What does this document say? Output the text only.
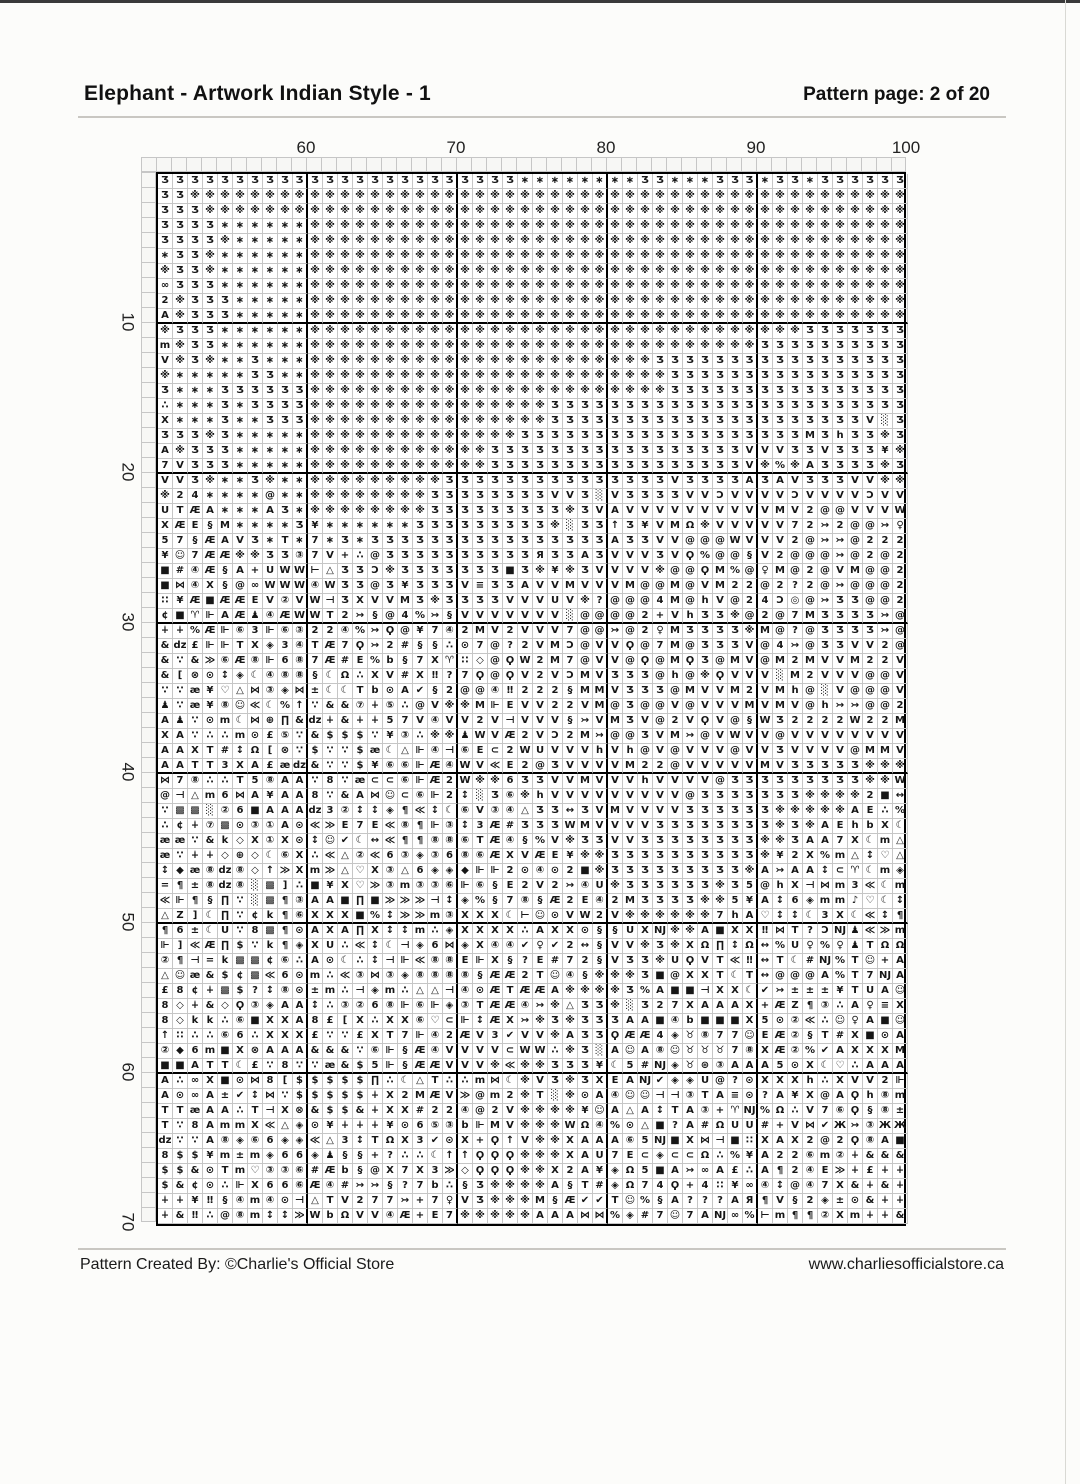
Elephant - Artwork Indian Style - 1	Pattern page: 2 of 20
60	70	80	90	100
10
20
30
40
50
60
70
Ʒ Ʒ Ʒ Ʒ Ʒ Ʒ Ʒ Ʒ Ʒ Ʒ Ʒ Ʒ Ʒ Ʒ Ʒ Ʒ Ʒ Ʒ Ʒ Ʒ Ʒ Ʒ Ʒ Ʒ ∗ ∗ ∗ ∗ ∗ ∗ ∗ ∗ Ʒ Ʒ ∗ ∗ ∗ Ʒ Ʒ Ʒ ∗ Ʒ Ʒ ∗ Ʒ Ʒ Ʒ Ʒ Ʒ Ʒ
Ʒ Ʒ ※ ※ ※ ※ ※ ※ ※ ※ ※ ※ ※ ※ ※ ※ ※ ※ ※ ※ ※ ※ ※ ※ ※ ※ ※ ※ ※ ※ ※ ※ ※ ※ ※ ※ ※ ※ ※ ※ ※ ※ ※ ※ ※ ※ ※ ※ ※ ※
Ʒ Ʒ Ʒ ※ ※ ※ ※ ※ ※ ※ ※ ※ ※ ※ ※ ※ ※ ※ ※ ※ ※ ※ ※ ※ ※ ※ ※ ※ ※ ※ ※ ※ ※ ※ ※ ※ ※ ※ ※ ※ ※ ※ ※ ※ ※ ※ ※ ※ ※ ※
Ʒ Ʒ Ʒ Ʒ ∗ ∗ ∗ ∗ ∗ ∗ ※ ※ ※ ※ ※ ※ ※ ※ ※ ※ ※ ※ ※ ※ ※ ※ ※ ※ ※ ※ ※ ※ ※ ※ ※ ※ ※ ※ ※ ※ ※ ※ ※ ※ ※ ※ ※ ※ ※ ※
Ʒ Ʒ Ʒ Ʒ ※ ∗ ∗ ∗ ∗ ∗ ※ ※ ※ ※ ※ ※ ※ ※ ※ ※ ※ ※ ※ ※ ※ ※ ※ ※ ※ ※ ※ ※ ※ ※ ※ ※ ※ ※ ※ ※ ※ ※ ※ ※ ※ ※ ※ ※ ※ ※
∗ Ʒ Ʒ ※ ∗ ∗ ∗ ∗ ∗ ∗ ※ ※ ※ ※ ※ ※ ※ ※ ※ ※ ※ ※ ※ ※ ※ ※ ※ ※ ※ ※ ※ ※ ※ ※ ※ ※ ※ ※ ※ ※ ※ ※ ※ ※ ※ ※ ※ ※ ※ ※
※ Ʒ Ʒ ※ ∗ ∗ ∗ ∗ ∗ ∗ ※ ※ ※ ※ ※ ※ ※ ※ ※ ※ ※ ※ ※ ※ ※ ※ ※ ※ ※ ※ ※ ※ ※ ※ ※ ※ ※ ※ ※ ※ ※ ※ ※ ※ ※ ※ ※ ※ ※ ※
∞ Ʒ Ʒ Ʒ ∗ ∗ ∗ ∗ ∗ ∗ ※ ※ ※ ※ ※ ※ ※ ※ ※ ※ ※ ※ ※ ※ ※ ※ ※ ※ ※ ※ ※ ※ ※ ※ ※ ※ ※ ※ ※ ※ ※ ※ ※ ※ ※ ※ ※ ※ ※ ※
2 ※ Ʒ Ʒ Ʒ ∗ ∗ ∗ ∗ ∗ ※ ※ ※ ※ ※ ※ ※ ※ ※ ※ ※ ※ ※ ※ ※ ※ ※ ※ ※ ※ ※ ※ ※ ※ ※ ※ ※ ※ ※ ※ ※ ※ ※ ※ ※ ※ ※ ※ ※ ※
A ※ Ʒ Ʒ Ʒ ∗ ∗ ∗ ∗ ∗ ※ ※ ※ ※ ※ ※ ※ ※ ※ ※ ※ ※ ※ ※ ※ ※ ※ ※ ※ ※ ※ ※ ※ ※ ※ ※ ※ ※ ※ ※ ※ ※ ※ ※ ※ ※ ※ ※ ※ ※
※ Ʒ Ʒ Ʒ ∗ ∗ ∗ ∗ ∗ ∗ ※ ※ ※ ※ ※ ※ ※ ※ ※ ※ ※ ※ ※ ※ ※ ※ ※ ※ ※ ※ ※ ※ ※ ※ ※ ※ ※ ※ ※ ※ ※ ※ ※ Ʒ Ʒ Ʒ Ʒ Ʒ Ʒ Ʒ
m ※ Ʒ Ʒ ∗ ∗ ∗ ∗ ∗ ∗ ※ ※ ※ ※ ※ ※ ※ ※ ※ ※ ※ ※ ※ ※ ※ ※ ※ ※ ※ ※ ※ ※ ※ ※ ※ ※ ※ ※ ※ ※ Ʒ Ʒ Ʒ Ʒ Ʒ Ʒ Ʒ Ʒ Ʒ Ʒ
V ※ Ʒ ※ ∗ ∗ Ʒ ∗ ∗ ∗ ※ ※ ※ ※ ※ ※ ※ ※ ※ ※ ※ ※ ※ ※ ※ ※ ※ ※ ※ ※ ※ ※ ※ Ʒ Ʒ Ʒ Ʒ Ʒ Ʒ Ʒ Ʒ Ʒ Ʒ Ʒ Ʒ Ʒ Ʒ Ʒ Ʒ Ʒ
※ ∗ ∗ ∗ ∗ ∗ Ʒ Ʒ ∗ ∗ ※ ※ ※ ※ ※ ※ ※ ※ ※ ※ ※ ※ ※ ※ ※ ※ ※ ※ ※ ※ ※ ※ ※ ※ Ʒ Ʒ Ʒ Ʒ Ʒ Ʒ Ʒ Ʒ Ʒ Ʒ Ʒ Ʒ Ʒ Ʒ Ʒ Ʒ
Ʒ ∗ ∗ ∗ Ʒ Ʒ Ʒ Ʒ Ʒ Ʒ ※ ※ ※ ※ ※ ※ ※ ※ ※ ※ ※ ※ ※ ※ ※ ※ ※ ※ ※ ※ ※ ※ ※ ※ Ʒ Ʒ Ʒ Ʒ Ʒ Ʒ Ʒ Ʒ Ʒ Ʒ Ʒ Ʒ Ʒ Ʒ Ʒ Ʒ
∴ ∗ ∗ ∗ Ʒ ∗ Ʒ Ʒ Ʒ Ʒ ※ ※ ※ ※ ※ ※ ※ ※ ※ ※ ※ ※ ※ ※ ※ ※ Ʒ Ʒ Ʒ Ʒ Ʒ Ʒ Ʒ Ʒ Ʒ Ʒ Ʒ Ʒ Ʒ Ʒ Ʒ Ʒ Ʒ Ʒ Ʒ Ʒ Ʒ Ʒ Ʒ Ʒ
X ∗ ∗ ∗ Ʒ ∗ ∗ Ʒ Ʒ Ʒ ※ ※ ※ ※ ※ ※ ※ ※ ※ ※ ※ ※ ※ ※ ※ ※ Ʒ Ʒ Ʒ Ʒ Ʒ Ʒ Ʒ Ʒ Ʒ Ʒ Ʒ Ʒ Ʒ Ʒ Ʒ Ʒ Ʒ Ʒ Ʒ Ʒ Ʒ V ░ Ʒ
Ʒ Ʒ Ʒ ※ Ʒ ∗ ∗ ∗ ∗ ∗ ※ ※ ※ ※ ※ ※ ※ ※ ※ ※ ※ ※ ※ ※ Ʒ Ʒ Ʒ Ʒ Ʒ Ʒ Ʒ Ʒ Ʒ Ʒ Ʒ Ʒ Ʒ Ʒ Ʒ Ʒ Ʒ Ʒ Ʒ M Ʒ h Ʒ Ʒ ※ Ʒ
A ※ Ʒ Ʒ Ʒ ∗ ∗ ∗ ∗ ∗ ※ ※ ※ ※ ※ ※ ※ ※ ※ ※ ※ ※ Ʒ Ʒ Ʒ Ʒ Ʒ Ʒ Ʒ Ʒ Ʒ Ʒ Ʒ Ʒ Ʒ Ʒ Ʒ Ʒ Ʒ V V V Ʒ Ʒ V Ʒ Ʒ Ʒ ¥ ※
7 V Ʒ Ʒ Ʒ ∗ ∗ ∗ ∗ ∗ ※ ※ ※ ※ ※ ※ ※ ※ ※ ※ ※ ※ Ʒ Ʒ Ʒ Ʒ Ʒ Ʒ Ʒ Ʒ Ʒ Ʒ Ʒ Ʒ Ʒ Ʒ Ʒ Ʒ Ʒ V ※ % ※ A Ʒ Ʒ Ʒ Ʒ ※ Ʒ
V V Ʒ ※ ∗ ∗ Ʒ ※ ∗ ∗ ※ ※ ※ ※ ※ ※ ※ ※ ※ Ʒ Ʒ Ʒ Ʒ Ʒ Ʒ Ʒ Ʒ Ʒ Ʒ Ʒ Ʒ Ʒ Ʒ Ʒ V Ʒ Ʒ Ʒ Ʒ A Ʒ A V Ʒ Ʒ Ʒ V V ※ ※
※ 2 4 ∗ ∗ ∗ ∗ @ ∗ ∗ ※ ※ ※ ※ ※ ※ ※ ※ Ʒ Ʒ Ʒ Ʒ Ʒ Ʒ Ʒ Ʒ V V Ʒ ░ V Ʒ Ʒ Ʒ Ʒ V V Ɔ V V V V Ɔ V V V V Ɔ V V
U T Æ A ∗ ∗ ∗ A Ʒ ∗ ※ ※ ※ ※ ※ ※ ※ ※ Ʒ Ʒ Ʒ Ʒ Ʒ Ʒ Ʒ Ʒ Ʒ ※ Ʒ V A V V V V V V V V V V M V 2 @ @ V V V W
X Æ E § M ∗ ∗ ∗ ∗ Ʒ ¥ ∗ ∗ ∗ ∗ ∗ ∗ Ʒ Ʒ Ʒ Ʒ Ʒ Ʒ Ʒ Ʒ Ʒ ※ ░ Ʒ Ʒ ↑ Ʒ ¥ V M Ω ※ V V V V V 7 2 ↣ 2 @ @ ↣ ♀
5 7 § Æ A V Ʒ ∗ T ∗ 7 ∗ Ʒ ∗ Ʒ Ʒ Ʒ Ʒ Ʒ Ʒ Ʒ Ʒ Ʒ Ʒ Ʒ Ʒ Ʒ Ʒ Ʒ Ʒ A Ʒ Ʒ V V @ @ @ W V V V 2 @ ↣ ↣ @ 2 2 2
¥ ☺ 7 Æ Æ ※ ※ Ʒ Ʒ ③ 7 V + ∴ @ Ʒ Ʒ Ʒ Ʒ Ʒ Ʒ Ʒ Ʒ Ʒ Ʒ Я Ʒ Ʒ A Ʒ V V V Ʒ V Ϙ % @ @ § V 2 @ @ @ ↣ @ 2 @ 2
■ # ④ Æ § A + U W W ⊢ △ Ʒ Ʒ Ɔ ※ Ʒ Ʒ Ʒ Ʒ Ʒ Ʒ Ʒ ■ Ʒ ※ ¥ ※ Ʒ V V V V ※ @ @ Ϙ M % @ ♀ M @ 2 @ V M @ @ 2
■ ⋈ ④ X § @ ∞ W W W ④ W Ʒ Ʒ @ Ʒ ¥ Ʒ Ʒ Ʒ V ≡ Ʒ Ʒ A V V M V V V M @ @ M @ V M 2 2 @ 2 ? 2 @ ↣ @ @ @ 2
∷ ¥ Æ ■ Æ Æ E V ② V W ⊣ Ʒ X V V M Ʒ ※ Ʒ Ʒ Ʒ Ʒ V V V U V ※ ? @ @ @ 4 M @ h V @ 2 4 Ɔ ◎ @ ↣ Ʒ Ʒ @ @ 2
¢ ■ ♈ ⊩ A Æ ♟ ④ Æ W W T 2 ↣ § @ 4 % ↣ § V V V V V V V ░ @ @ @ @ 2 + V h Ʒ Ʒ ※ @ 2 @ 7 M Ʒ Ʒ Ʒ Ʒ ↣ @
∔ ∔ % Æ ⊩ ⑥ 3 ⊩ ⑥ ③ 2 2 ④ % ↣ Ϙ @ ¥ 7 ④ 2 M V 2 V V V 7 @ @ ↣ @ 2 ♀ M Ʒ Ʒ Ʒ Ʒ ※ M @ ? @ Ʒ Ʒ Ʒ Ʒ ↣ @
& ǳ £ ⊩ ⊩ T X ◈ 3 ④ T Æ 7 Ϙ ↣ 2 # §	§ ∴ ⊙ 7 @ ? 2 V M Ɔ @ V V Ϙ @ 7 M @ Ʒ Ʒ Ʒ V @ 4 ↣ @ Ʒ Ʒ V V 2 @
& ∵ & ≫ ⑥ Æ ⑧ ⊩ 6 ⑧ 7 Æ # E % b § 7 X ♈ ∷ ◇ @ Ϙ W 2 M 7 @ V V @ Ϙ @ M Ϙ Ʒ @ M V @ M 2 M V V M 2 2 V
& [ ⊗ ⊙ ↕ ◈ ☾ ④ ⑧ ⑧ § ☾ Ω ∴ X V # X ‼ ? 7 Ϙ @ Ϙ V 2 V Ɔ M V Ʒ Ʒ Ʒ @ h @ ※ Ϙ V V V ░ M 2 V V V @ @ V
∵ ∵ æ ¥ ♡ △ ⋈ ③ ◈ ⋈ ± ☾ ☾ T b ⊙ A ✔ § 2 @ @ ④ ‼ 2 2 2 § M M V Ʒ Ʒ Ʒ @ M V V M 2 V M h @ ░ V @ @ @ V
♟ ∵ æ ¥ ⑧ ☺ ≪ ☾ % ↑ ∵ & & ⑦ ∔ ⑤ ∴ @ V ※ ※ M ⊩ E V V 2 2 V M @ Ʒ @ @ V @ V V V M V M V @ h ↣ ↣ @ @ 2
A ♟ ∵ ⊙ m ☾ ⋈ ⊕ ∏ & ǳ ∔ & ∔ ∔ 5 7 V ④ V V 2 V ⊣ V V V § ↣ V M Ʒ V @ 2 V Ϙ V @ § W Ʒ 2 2 2 2 W 2 2 M
X A ∵ ∴ ∴ m ⊙ £ ⑤ ∵ & $ $ $ ∵ ¥ ③ ∴ ※ ※ ♟ W V Æ 2 V Ɔ 2 M ↣ @ @ Ʒ V M ↣ @ V W V V @ V V V V V V V V
A A X T # ↕ Ω [ ⊗ ∵ $ ∵ ∵ $ æ ☾ △ ⊩ ④ ⊣ ⑥ E ⊂ 2 W U V V V h V h @ V @ V V V @ V V Ʒ V V V V @ M M V
A A T T 3 X A £ æ ǳ & ∵ ∵ $ ¥ ⑥ ⑥ ⊩ Æ ④ W V ≪ E 2 @ Ʒ V V V V M 2 2 @ V V V V V M V Ʒ Ʒ Ʒ Ʒ Ʒ ※ ※ ※
⋈ 7 ⑧ ∴ ∴ T 5 ⑧ A A ∵ 8 ∵ æ ⊂ ⊂ ⑥ ⊩ Æ 2 W ※ ※ 6 Ʒ Ʒ V V M V V V h V V V V @ Ʒ Ʒ Ʒ Ʒ Ʒ Ʒ Ʒ Ʒ Ʒ ※ ※ W
@ ⊣ △ m 6 ⋈ A ¥ A A 8 ∵ & A ⋈ ☺ ⊂ ⑥ ⊩ 2 ↕ ░ Ʒ ⑥ ※ h V V V V V V V V V @ Ʒ Ʒ Ʒ Ʒ Ʒ Ʒ Ʒ ※ ※ ※ ※ 2 ■ ↔
∵ ▩ ▩ ░ ② 6 ■ A A A ǳ 3 ② ↕ ↕ ◈ ¶ ≪ ↕ ☾ ⑥ V ③ ④ △ Ʒ Ʒ ↔ Ʒ V M V V V V Ʒ Ʒ Ʒ Ʒ Ʒ Ʒ ※ ※ ※ ※ ※ A E ∴ %
∴ ¢ ∔ ⑦ ▩ ⊙ ③ ① A ⊙ ≪ ≫ E 7 E ≪ ⑧ ¶ ⊩ ③ ↕ 3 Æ # Ʒ Ʒ Ʒ W M V V V V Ʒ Ʒ Ʒ Ʒ Ʒ Ʒ Ʒ Ʒ ※ Ʒ ※ A E h b X ☾
æ æ ∵ & k ◇ X ① X ⊙ ↕ ☺ ✔ ☾ ↔ ≪ ¶ ¶ ⑧ ⑧ ⑥ T Æ ④ § % V ※ Ʒ Ʒ V V Ʒ Ʒ Ʒ Ʒ Ʒ Ʒ Ʒ Ʒ ※ ※ Ʒ A A 7 X ☾ m △
æ ∵ ∔ ∔ ◇ ⊕ ◇ ☾ ⑥ X ∴ ≪ △ ② ≪ 6 ③ ◈ ③ 6 ⑧ ⑥ Æ X V Æ E ¥ ※ ※ Ʒ Ʒ Ʒ Ʒ Ʒ Ʒ Ʒ Ʒ Ʒ Ʒ ※ ¥ 2 X % m △ ↕ ♡ △
↕ ◆ æ ⑧ ǳ ⑧ ◇ ↑ ≫ X m ≫ △ ♡ X ③ △ 6 ◈ ◈ ◆ ⊩ ⊩ 2 ⊙ ④ ⊙ 2 ■ ※ Ʒ Ʒ Ʒ Ʒ Ʒ Ʒ Ʒ Ʒ Ʒ ※ A ↣ A A ↕ ⊂ ♈ ☾ m ◈
= ¶ ± ⑧ ǳ ⑧ ░ ▩ ] ∴ ■ ¥ X ♡ ≫ ③ m ③ ③ ⑥ ⊩ ⑥ § E 2 V 2 ↣ ④ U ※ Ʒ Ʒ Ʒ Ʒ Ʒ Ʒ ※ Ʒ 5 @ h X ⊣ ⋈ m 3 ≪ ☾ m
≪ ⊩ ¶ § ∏ ∵ ░ ▩ ¶ ③ A A ■ ∏ ■ ≫ ≫ ≫ ⊣ ↕ ◈ % § 7 ⑧ § Æ 2 E ④ 2 M Ʒ Ʒ Ʒ Ʒ ※ ※ 5 ¥ A ↕ 6 ◈ m m ♪ ♡ ☾ ↕
△ Z ] ☾ ∏ ∵ ¢ k ¶ ⑥ X X X ■ % ↕ ≫ ≫ m ③ X X X ☾ ⊢ ☺ ⊙ V W 2 V ※ ※ ※ ※ ※ ※ 7 h A ♡ ↕ ↕ ☾ 3 X ☾ ≪ ↕ ¶
¶ 6 ± ☾ U ∵ 8 ▩ ¶ ⊙ A X A ∏ X ↕ ↕ m ∴ ◈ X X X X ∴ A X X ⊙ §	§ U X Ǌ ※ ※ A ■ X X ‼ ⋈ T ? Ɔ Ǌ ♟ ≪ ≫ m
⊩ ] ≪ Æ ∏ $ ∵ k ¶ ◈ X U ∴ ≪ ↕ ☾ ⊣ ◈ 6 ⋈ ◈ X ④ ④ ✔ ♀ ✔ 2 ↔ § V V ※ Ʒ ※ X Ω ∏ ↕ Ω ↔ % U ♀ % ♀ ♟ T Ω Ω
② ¶ ⊣ = k ▩ ▩ ¢ ⑥ ∴ A ⊙ ☾ ∴ ↕ ⊣ ⊩ ≪ ⑧ ⑧ E ⊩ X § ? E # 7 2 § V Ʒ Ʒ ※ U Ϙ V T ≪ ‼ ↔ T ☾ # Ǌ % T ☺ + A
△ ☺ æ & $ ¢ ▩ ≪ 6 ⊙ m ∴ ≪ ③ ⋈ ③ ◈ ⑧ ⑧ ⑧ ⑧ § Æ Æ 2 T ☺ ④ § ※ ※ ※ Ʒ ■ @ X X T ☾ T ↔ @ @ @ A % T 7 Ǌ A
£ 8 ¢ ∔ ▩ $ ? ↕ ⑧ ⊙ ± m ∴ ⊣ ◈ m ∴ △ △ ⊣ ④ ⊙ Æ T Æ Æ A ※ ※ ※ ※ Ʒ % A ■ ■ ⊣ X X ☾ ✔ ↣ ± ± ± ¥ T U A ☺
8 ◇ ∔ & ◇ Ϙ ③ ◈ A A ↕ ∴ ③ ② 6 ⑧ ⊩ ⑥ ⊩ ◈ ③ T Æ Æ ④ ↣ ※ △ Ʒ Ʒ ※ ░ Ʒ 2 7 X A A A X + Æ Z ¶ ③ ∴ A ♀ ≡ X
8 ◇ k k ∴ ⑥ ■ X X A 8 £ [ X ∴ X X ⑥ ♡ ⊂ ⊩ ↕ Æ X ↣ ※ Ʒ ※ Ʒ Ʒ Ʒ A A ■ ④ b ■ ■ ■ X 5 ⊙ ② ≪ ∴ ☺ ♀ A ■ ☺
↑ ∷ ∴ ∴ ⑥ 6 ∴ X X X £ ∵ ∵ £ X T 7 ⊩ ④ 2 Æ V 3 ✔ V V ※ A Ʒ Ʒ Ϙ Æ Æ 4 ◈ ♉ ⑧ 7 7 ☺ E Æ ② § T # X ■ ⊙ A
② ◆ 6 m ■ X ⊗ A A A & & & ∵ ⑥ ⊩ § Æ ④ V V V V ⊂ W W ∴ ※ Ʒ ░ A ☺ A ⑧ ☺ ♉ ♉ ♉ 7 ⑧ X Æ ② % ✔ A X X X M
■ ■ A T T ☾ £ ∵ 8 ∵ ∵ æ & $ 5 ⊩ § Æ Æ V V V ※ ≪ ※ ※ Ʒ Ʒ Ʒ ¥ ☾ 5 # Ǌ ◈ ♉ ⊛ ③ A A A 5 ⊙ X ☾ ♡ ∴ A A A
A ∴ ∞ X ■ ⊙ ⋈ 8 [ $ $ $ $ $ ∏ ∴ ☾ △ T ∴ ∴ m ⋈ ☾ ※ V Ʒ ※ Ʒ X E A Ǌ ✔ ◈ ◈ U @ ? ⊙ X X X h ∴ X V V 2 ⊩
A ⊙ ∞ A ± ✔ ↕ ⋈ ∵ $ $ $ $ $ ∔ X 2 M Æ V ≫ @ m 2 ※ T ░ ※ ⊙ A ④ ☺ ☺ ⊣ ⊣ ③ T A ≡ ⊙ ? A ¥ X @ A Ϙ h ⑧ m
T T æ A A ∴ T ⊣ X ⊗ & $ $ & ∔ X X # 2 2 ④ @ 2 V ※ ※ ※ ※ ¥ ☺ A △ A ↕ T A ③ + ♈ Ǌ % Ω ∴ V 7 ⑥ Ϙ § ⑧ ±
T ∵ 8 A m m X ≪ △ ◈ ⊙ ¥ ∔ ∔ ∔ ¥ ⊙ 6 ⑤ ③ b ⊩ M V ※ ※ ※ W Ω ④ % ⊙ △ ■ ? A # Ω U U # + V ⋈ ✔ Ж ↣ ③ Ж Ж
ǳ ∵ ∵ A ⑧ ◈ ⑥ 6 ◈ ◈ ≪ △ 3 ↕ T Ω X 3 ✔ ⊙ X + Ϙ ↑ V ※ ※ X A A A ⑥ 5 Ǌ ■ X ⋈ ⊣ ■ ∷ X A X 2 @ 2 Ϙ ⑧ A ■
8 $ $ ¥ m ± m ◈ 6 6 ◈ ♟ §	§ + ? ∴ ∴ ☾ ↑ ↑ Ϙ Ϙ Ϙ ※ ※ ※ X A U 7 E ⊂ ◈ ⊂ ⊂ Ω ∴ % ¥ A 2 2 ⑥ m ② ∔ & & &
$ $ & ⊙ T m ♡ ③ ③ ⑥ # Æ b § @ X 7 X 3 ≫ ◇ Ϙ Ϙ Ϙ ※ ※ X 2 A ¥ ◈ Ω 5 ■ A ↣ ∞ A £ ∴ A ¶ 2 ④ E ≫ ∔ £ ∔ ∔
$ & ¢ ⊙ ∴ ⊩ X 6 6 ⑥ Æ ④ # ↣ ↣ § ? 7 b ∴ § Ʒ ※ ※ ※ ※ A § T # ◈ Ω 7 4 Ϙ + 4 ∷ ¥ ∞ ④ ↕ @ ④ 7 X & ∔ & ∔
∔ ∔ ¥ ‼ § ④ m ④ ⊙ ⊣ △ T V 2 7 7 ↣ + 7 ♀ V Ʒ ※ ※ ※ M § Æ ✔ ✔ T ☺ % § A ? ? ? A Я ¶ V § 2 ◈ ± ⊙ & ∔ ∔
∔ & ‼ ∴ @ ⑧ m ↕ ↕ ≫ W b Ω V V ④ Æ + E 7 ※ ※ ※ ※ ※ A A A ⋈ ⋈ % ◈ # 7 ☺ 7 A Ǌ ∞ % ⊢ m ¶ ¶ ② X m ∔ ∔ &
Pattern Created By: ©Charlie's Official Store	www.charliesofficialstore.ca
